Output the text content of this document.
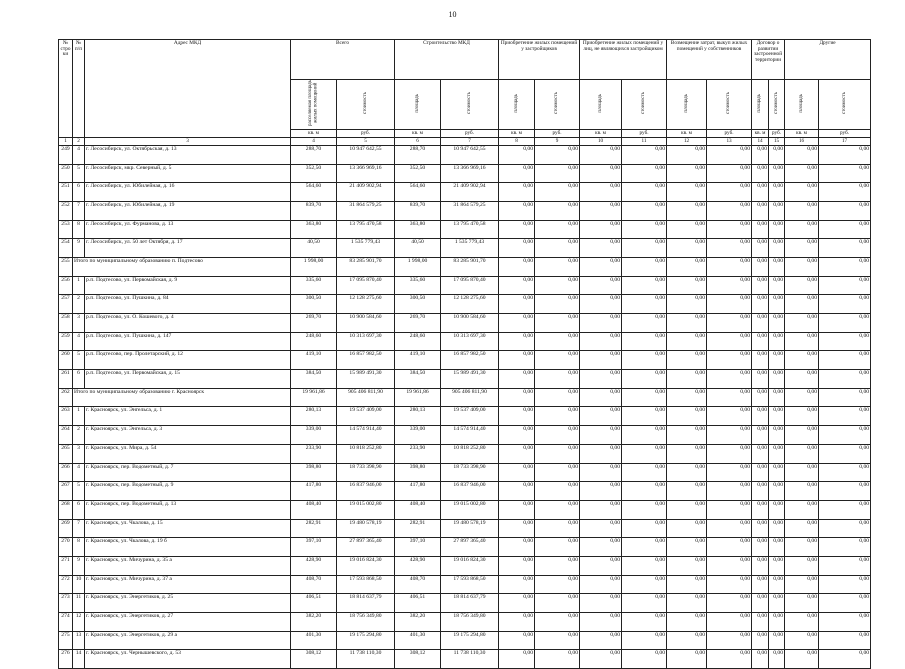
10
№ стро ки	№ п/п	Адрес МКД	Всего		Строительство МКД		Приобретение жилых помещений у застройщиков		Приобретение жилых помещений у лиц, не являющихся застройщиком		Возмещение затрат, выкуп жилых помещений у собственников		Договор о развитии застроенной территории		Другие	
			расселяемая площадь жилых помещений	стоимость	площадь	стоимость	площадь	стоимость	площадь	стоимость	площадь	стоимость	площадь	стоимость	площадь	стоимость
			кв. м	руб.	кв. м	руб.	кв. м	руб.	кв. м	руб.	кв. м	руб.	кв. м	руб.	кв. м	руб.
1	2	3	4	5	6	7	8	9	10	11	12	13	14	15	16	17
249	4	г. Лесосибирск, ул. Октябрьская, д. 13	288,70	10 947 642,55	288,70	10 947 642,55	0,00	0,00	0,00	0,00	0,00	0,00	0,00	0,00	0,00	0,00
250	5	г. Лесосибирск, мкр. Северный, д. 5	352,50	13 366 969,16	352,50	13 366 969,16	0,00	0,00	0,00	0,00	0,00	0,00	0,00	0,00	0,00	0,00
251	6	г. Лесосибирск, ул. Юбилейная, д. 16	564,60	21 409 902,94	564,60	21 409 902,94	0,00	0,00	0,00	0,00	0,00	0,00	0,00	0,00	0,00	0,00
252	7	г. Лесосибирск, ул. Юбилейная, д. 19	839,70	31 864 579,25	839,70	31 864 579,25	0,00	0,00	0,00	0,00	0,00	0,00	0,00	0,00	0,00	0,00
253	8	г. Лесосибирск, ул. Фурманова, д. 13	363,80	13 795 470,58	363,80	13 795 470,58	0,00	0,00	0,00	0,00	0,00	0,00	0,00	0,00	0,00	0,00
254	9	г. Лесосибирск, ул. 50 лет Октября, д. 17	40,50	1 535 779,43	40,50	1 535 779,43	0,00	0,00	0,00	0,00	0,00	0,00	0,00	0,00	0,00	0,00
255	Итого по муниципальному образованию п. Подтесово		1 998,00	83 285 901,70	1 998,00	83 285 901,70	0,00	0,00	0,00	0,00	0,00	0,00	0,00	0,00	0,00	0,00
256	1	р.п. Подтесово, ул. Первомайская, д. 9	335,60	17 095 870,40	335,60	17 095 870,40	0,00	0,00	0,00	0,00	0,00	0,00	0,00	0,00	0,00	0,00
257	2	р.п. Подтесово, ул. Пушкина, д. 84	300,50	12 128 275,60	300,50	12 128 275,60	0,00	0,00	0,00	0,00	0,00	0,00	0,00	0,00	0,00	0,00
258	3	р.п. Подтесово, ул. О. Кошевого, д. 4	269,70	10 900 584,60	269,70	10 900 584,60	0,00	0,00	0,00	0,00	0,00	0,00	0,00	0,00	0,00	0,00
259	4	р.п. Подтесово, ул. Пушкина, д. 147	248,60	10 313 697,30	248,60	10 313 697,30	0,00	0,00	0,00	0,00	0,00	0,00	0,00	0,00	0,00	0,00
260	5	р.п. Подтесово, пер. Пролетарский, д. 12	419,10	16 857 982,50	419,10	16 857 982,50	0,00	0,00	0,00	0,00	0,00	0,00	0,00	0,00	0,00	0,00
261	6	р.п. Подтесово, ул. Первомайская, д. 15	384,50	15 989 491,30	384,50	15 989 491,30	0,00	0,00	0,00	0,00	0,00	0,00	0,00	0,00	0,00	0,00
262	Итого по муниципальному образованию г. Красноярск		19 961,86	905 406 811,90	19 961,86	905 406 811,90	0,00	0,00	0,00	0,00	0,00	0,00	0,00	0,00	0,00	0,00
263	1	г. Красноярск, ул. Энгельса, д. 1	280,13	19 537 409,00	280,13	19 537 409,00	0,00	0,00	0,00	0,00	0,00	0,00	0,00	0,00	0,00	0,00
264	2	г. Красноярск, ул. Энгельса, д. 3	339,00	14 574 914,40	339,00	14 574 914,40	0,00	0,00	0,00	0,00	0,00	0,00	0,00	0,00	0,00	0,00
265	3	г. Красноярск, ул. Мира, д. 54	233,90	10 818 252,80	233,90	10 818 252,80	0,00	0,00	0,00	0,00	0,00	0,00	0,00	0,00	0,00	0,00
266	4	г. Красноярск, пер. Водометный, д. 7	398,80	18 733 398,90	398,80	18 733 398,90	0,00	0,00	0,00	0,00	0,00	0,00	0,00	0,00	0,00	0,00
267	5	г. Красноярск, пер. Водометный, д. 9	417,80	16 837 946,00	417,80	16 837 946,00	0,00	0,00	0,00	0,00	0,00	0,00	0,00	0,00	0,00	0,00
268	6	г. Красноярск, пер. Водометный, д. 13	408,40	19 015 002,80	408,40	19 015 002,80	0,00	0,00	0,00	0,00	0,00	0,00	0,00	0,00	0,00	0,00
269	7	г. Красноярск, ул. Чкалова, д. 15	282,91	19 480 578,19	282,91	19 480 578,19	0,00	0,00	0,00	0,00	0,00	0,00	0,00	0,00	0,00	0,00
270	8	г. Красноярск, ул. Чкалова, д. 19 б	397,10	27 897 365,40	397,10	27 897 365,40	0,00	0,00	0,00	0,00	0,00	0,00	0,00	0,00	0,00	0,00
271	9	г. Красноярск, ул. Мичурина, д. 35 а	428,90	19 016 824,30	428,90	19 016 824,30	0,00	0,00	0,00	0,00	0,00	0,00	0,00	0,00	0,00	0,00
272	10	г. Красноярск, ул. Мичурина, д. 37 а	408,70	17 593 868,50	408,70	17 593 868,50	0,00	0,00	0,00	0,00	0,00	0,00	0,00	0,00	0,00	0,00
273	11	г. Красноярск, ул. Энергетиков, д. 25	406,51	18 814 637,79	406,51	18 814 637,79	0,00	0,00	0,00	0,00	0,00	0,00	0,00	0,00	0,00	0,00
274	12	г. Красноярск, ул. Энергетиков, д. 27	382,20	18 756 349,80	382,20	18 756 349,80	0,00	0,00	0,00	0,00	0,00	0,00	0,00	0,00	0,00	0,00
275	13	г. Красноярск, ул. Энергетиков, д. 29 а	401,30	19 175 294,80	401,30	19 175 294,80	0,00	0,00	0,00	0,00	0,00	0,00	0,00	0,00	0,00	0,00
276	14	г. Красноярск, ул. Чернышевского, д. 53	308,12	11 738 110,30	308,12	11 738 110,30	0,00	0,00	0,00	0,00	0,00	0,00	0,00	0,00	0,00	0,00
